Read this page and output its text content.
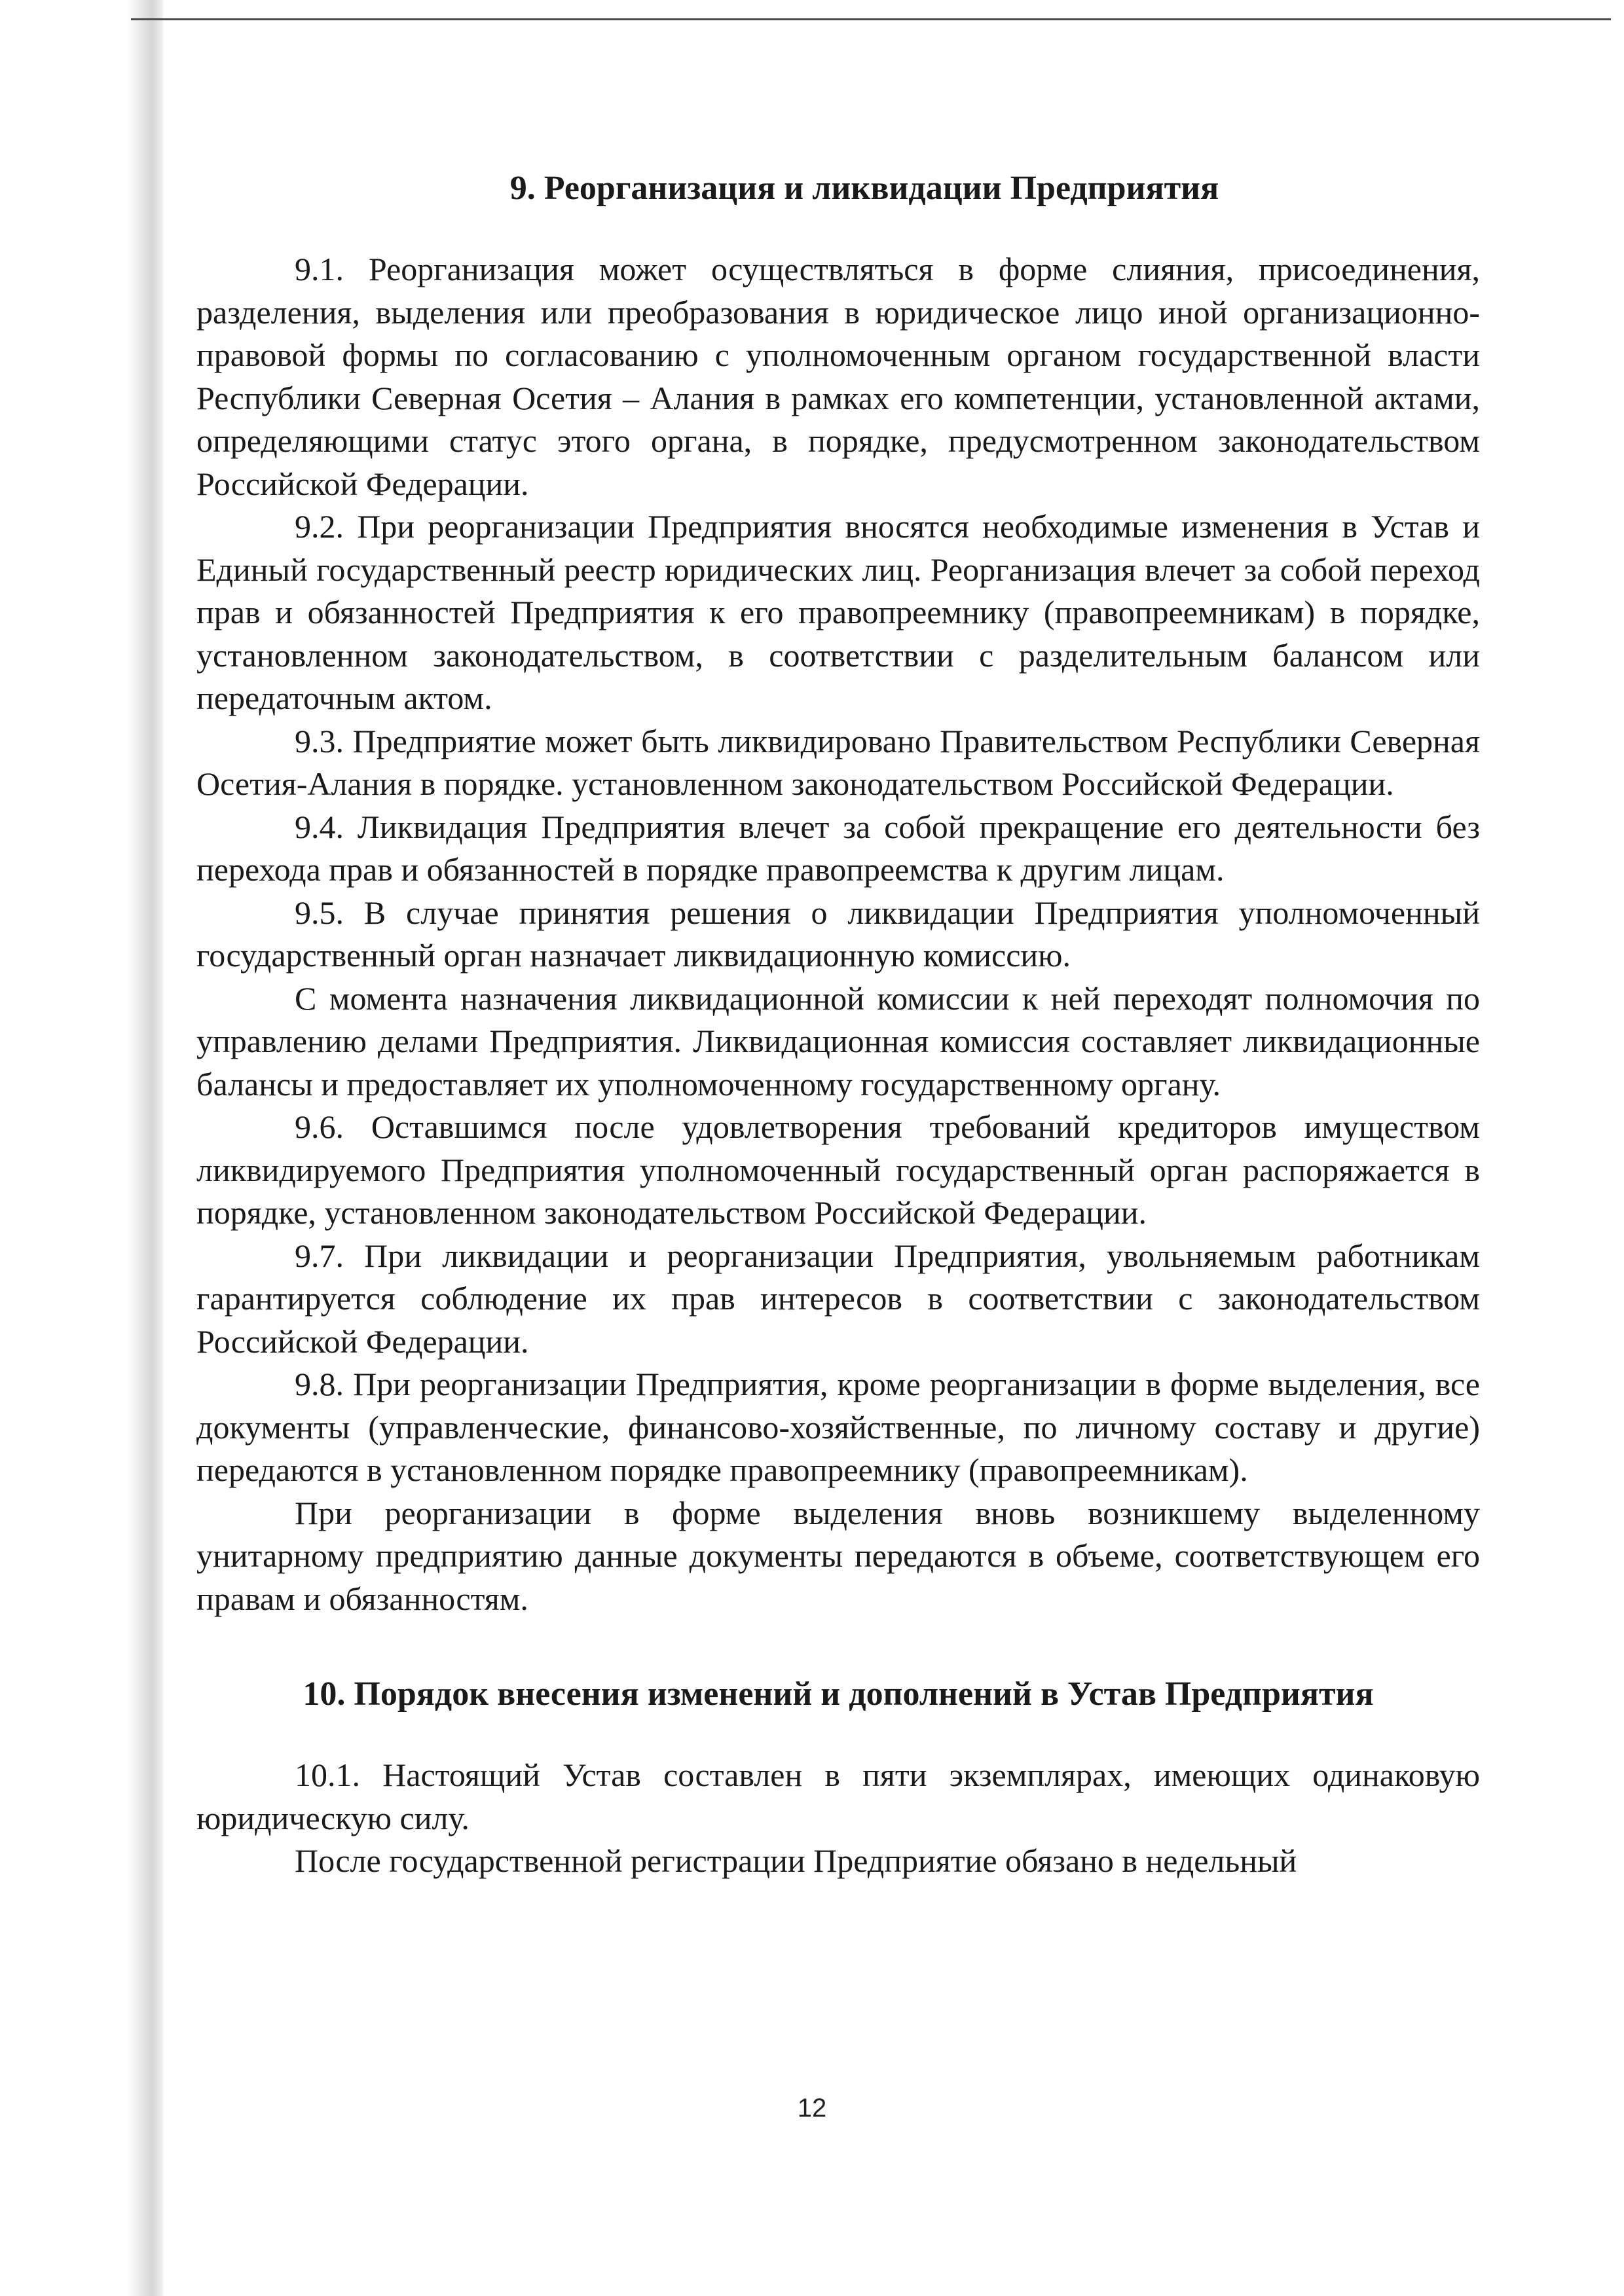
9. Реорганизация и ликвидации Предприятия

9.1. Реорганизация может осуществляться в форме слияния, присоединения, разделения, выделения или преобразования в юридическое лицо иной организационно-правовой формы по согласованию с уполномоченным органом государственной власти Республики Северная Осетия – Алания в рамках его компетенции, установленной актами, определяющими статус этого органа, в порядке, предусмотренном законодательством Российской Федерации.

9.2. При реорганизации Предприятия вносятся необходимые изменения в Устав и Единый государственный реестр юридических лиц. Реорганизация влечет за собой переход прав и обязанностей Предприятия к его правопреемнику (правопреемникам) в порядке, установленном законодательством, в соответствии с разделительным балансом или передаточным актом.

9.3. Предприятие может быть ликвидировано Правительством Республики Северная Осетия-Алания в порядке. установленном законодательством Российской Федерации.

9.4. Ликвидация Предприятия влечет за собой прекращение его деятельности без перехода прав и обязанностей в порядке правопреемства к другим лицам.

9.5. В случае принятия решения о ликвидации Предприятия уполномоченный государственный орган назначает ликвидационную комиссию.

С момента назначения ликвидационной комиссии к ней переходят полномочия по управлению делами Предприятия. Ликвидационная комиссия составляет ликвидационные балансы и предоставляет их уполномоченному государственному органу.

9.6. Оставшимся после удовлетворения требований кредиторов имуществом ликвидируемого Предприятия уполномоченный государственный орган распоряжается в порядке, установленном законодательством Российской Федерации.

9.7. При ликвидации и реорганизации Предприятия, увольняемым работникам гарантируется соблюдение их прав интересов в соответствии с законодательством Российской Федерации.

9.8. При реорганизации Предприятия, кроме реорганизации в форме выделения, все документы (управленческие, финансово-хозяйственные, по личному составу и другие) передаются в установленном порядке правопреемнику (правопреемникам).

При реорганизации в форме выделения вновь возникшему выделенному унитарному предприятию данные документы передаются в объеме, соответствующем его правам и обязанностям.

10. Порядок внесения изменений и дополнений в Устав Предприятия

10.1. Настоящий Устав составлен в пяти экземплярах, имеющих одинаковую юридическую силу.

После государственной регистрации Предприятие обязано в недельный

12
